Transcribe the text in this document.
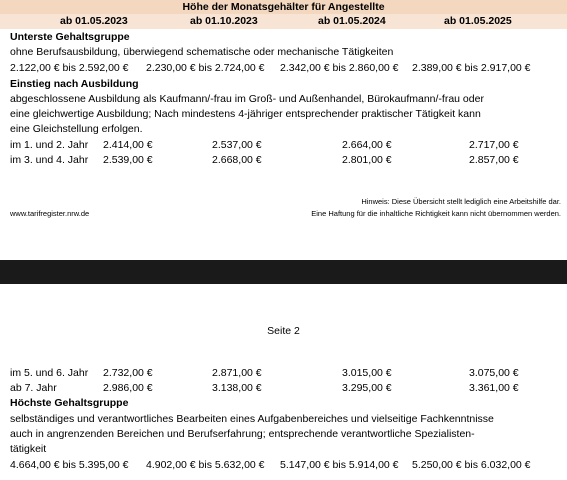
Höhe der Monatsgehälter für Angestellte
ab 01.05.2023	ab 01.10.2023	ab 01.05.2024	ab 01.05.2025
Unterste Gehaltsgruppe
ohne Berufsausbildung, überwiegend schematische oder mechanische Tätigkeiten
2.122,00 € bis 2.592,00 € 2.230,00 € bis 2.724,00 € 2.342,00 € bis 2.860,00 € 2.389,00 € bis 2.917,00 €
Einstieg nach Ausbildung
abgeschlossene Ausbildung als Kaufmann/-frau im Groß- und Außenhandel, Bürokaufmann/-frau oder
eine gleichwertige Ausbildung; Nach mindestens 4-jähriger entsprechender praktischer Tätigkeit kann
eine Gleichstellung erfolgen.
im 1. und 2. Jahr 2.414,00 €	2.537,00 €	2.664,00 €	2.717,00 €
im 3. und 4. Jahr 2.539,00 €	2.668,00 €	2.801,00 €	2.857,00 €
Hinweis: Diese Übersicht stellt lediglich eine Arbeitshilfe dar.
www.tarifregister.nrw.de	Eine Haftung für die inhaltliche Richtigkeit kann nicht übernommen werden.
Seite 2
im 5. und 6. Jahr 2.732,00 €	2.871,00 €	3.015,00 €	3.075,00 €
ab 7. Jahr	2.986,00 €	3.138,00 €	3.295,00 €	3.361,00 €
Höchste Gehaltsgruppe
selbständiges und verantwortliches Bearbeiten eines Aufgabenbereiches und vielseitige Fachkenntnisse
auch in angrenzenden Bereichen und Berufserfahrung; entsprechende verantwortliche Spezialisten-
tätigkeit
4.664,00 € bis 5.395,00 € 4.902,00 € bis 5.632,00 € 5.147,00 € bis 5.914,00 € 5.250,00 € bis 6.032,00 €
